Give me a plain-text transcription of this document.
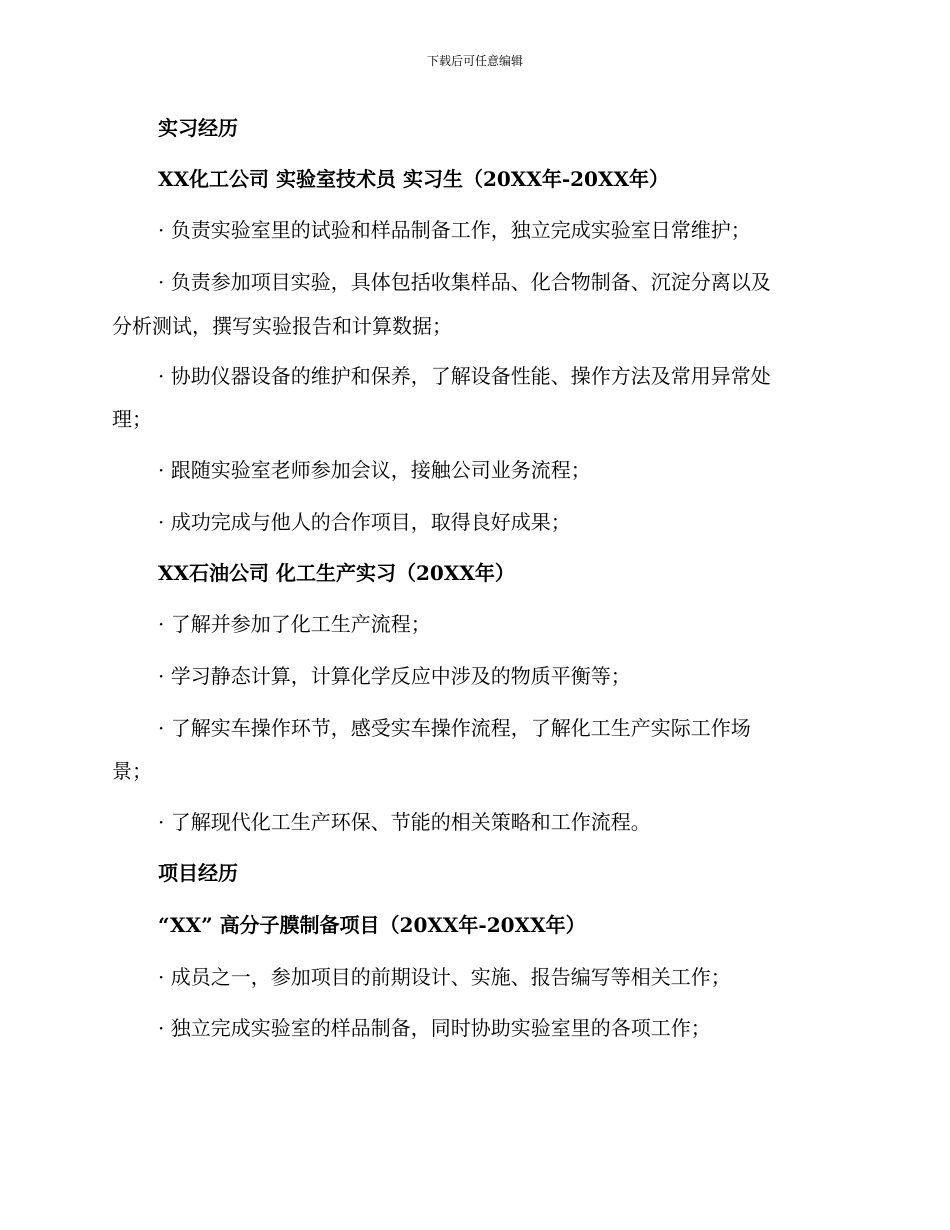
下载后可任意编辑
实习经历
XX化工公司 实验室技术员 实习生（20XX年-20XX年）
· 负责实验室里的试验和样品制备工作，独立完成实验室日常维护；
· 负责参加项目实验，具体包括收集样品、化合物制备、沉淀分离以及
分析测试，撰写实验报告和计算数据；
· 协助仪器设备的维护和保养，了解设备性能、操作方法及常用异常处
理；
· 跟随实验室老师参加会议，接触公司业务流程；
· 成功完成与他人的合作项目，取得良好成果；
XX石油公司 化工生产实习（20XX年）
· 了解并参加了化工生产流程；
· 学习静态计算，计算化学反应中涉及的物质平衡等；
· 了解实车操作环节，感受实车操作流程，了解化工生产实际工作场
景；
· 了解现代化工生产环保、节能的相关策略和工作流程。
项目经历
“XX” 高分子膜制备项目（20XX年-20XX年）
· 成员之一，参加项目的前期设计、实施、报告编写等相关工作；
· 独立完成实验室的样品制备，同时协助实验室里的各项工作；
